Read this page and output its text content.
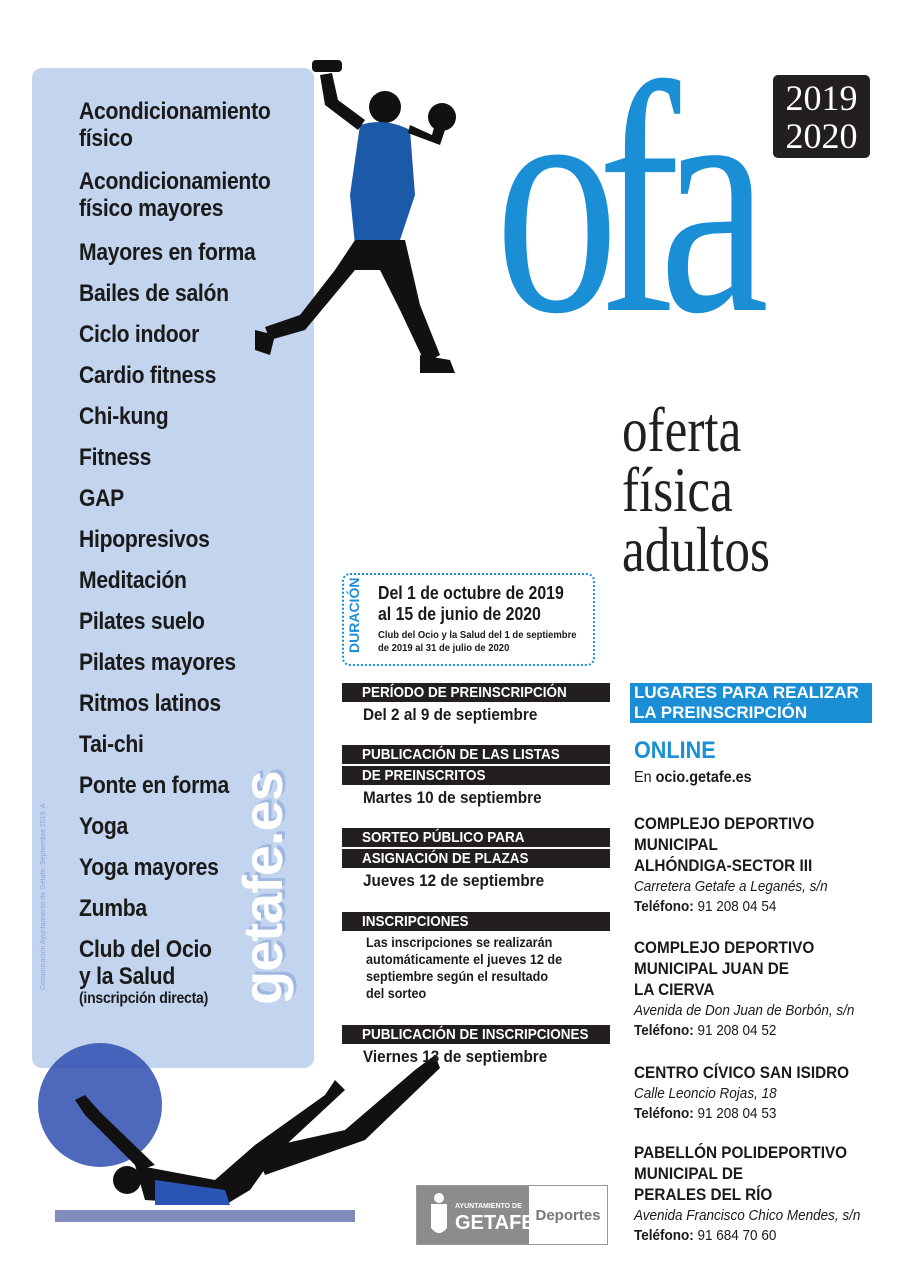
Acondicionamiento
físico
Acondicionamiento
físico mayores
Mayores en forma
Bailes de salón
Ciclo indoor
Cardio fitness
Chi-kung
Fitness
GAP
Hipopresivos
Meditación
Pilates suelo
Pilates mayores
Ritmos latinos
Tai-chi
Ponte en forma
Yoga
Yoga mayores
Zumba
Club del Ocio
y la Salud
(inscripción directa)
Comunicación Ayuntamiento de Getafe. Septiembre 2019. A	getafe.es
ofa	2019
2020
oferta
física
adultos
DURACIÓN Del 1 de octubre de 2019
al 15 de junio de 2020
Club del Ocio y la Salud del 1 de septiembre
de 2019 al 31 de julio de 2020
PERÍODO DE PREINSCRIPCIÓN
Del 2 al 9 de septiembre
PUBLICACIÓN DE LAS LISTAS
DE PREINSCRITOS
Martes 10 de septiembre
SORTEO PÚBLICO PARA
ASIGNACIÓN DE PLAZAS
Jueves 12 de septiembre
INSCRIPCIONES
Las inscripciones se realizarán
automáticamente el jueves 12 de
septiembre según el resultado
del sorteo
PUBLICACIÓN DE INSCRIPCIONES
Viernes 13 de septiembre
LUGARES PARA REALIZAR
LA PREINSCRIPCIÓN
ONLINE
En ocio.getafe.es
COMPLEJO DEPORTIVO
MUNICIPAL
ALHÓNDIGA-SECTOR III
Carretera Getafe a Leganés, s/n
Teléfono: 91 208 04 54
COMPLEJO DEPORTIVO
MUNICIPAL JUAN DE
LA CIERVA
Avenida de Don Juan de Borbón, s/n
Teléfono: 91 208 04 52
CENTRO CÍVICO SAN ISIDRO
Calle Leoncio Rojas, 18
Teléfono: 91 208 04 53
PABELLÓN POLIDEPORTIVO
MUNICIPAL DE
PERALES DEL RÍO
Avenida Francisco Chico Mendes, s/n
Teléfono: 91 684 70 60
AYUNTAMIENTO DE
GETAFE Deportes
